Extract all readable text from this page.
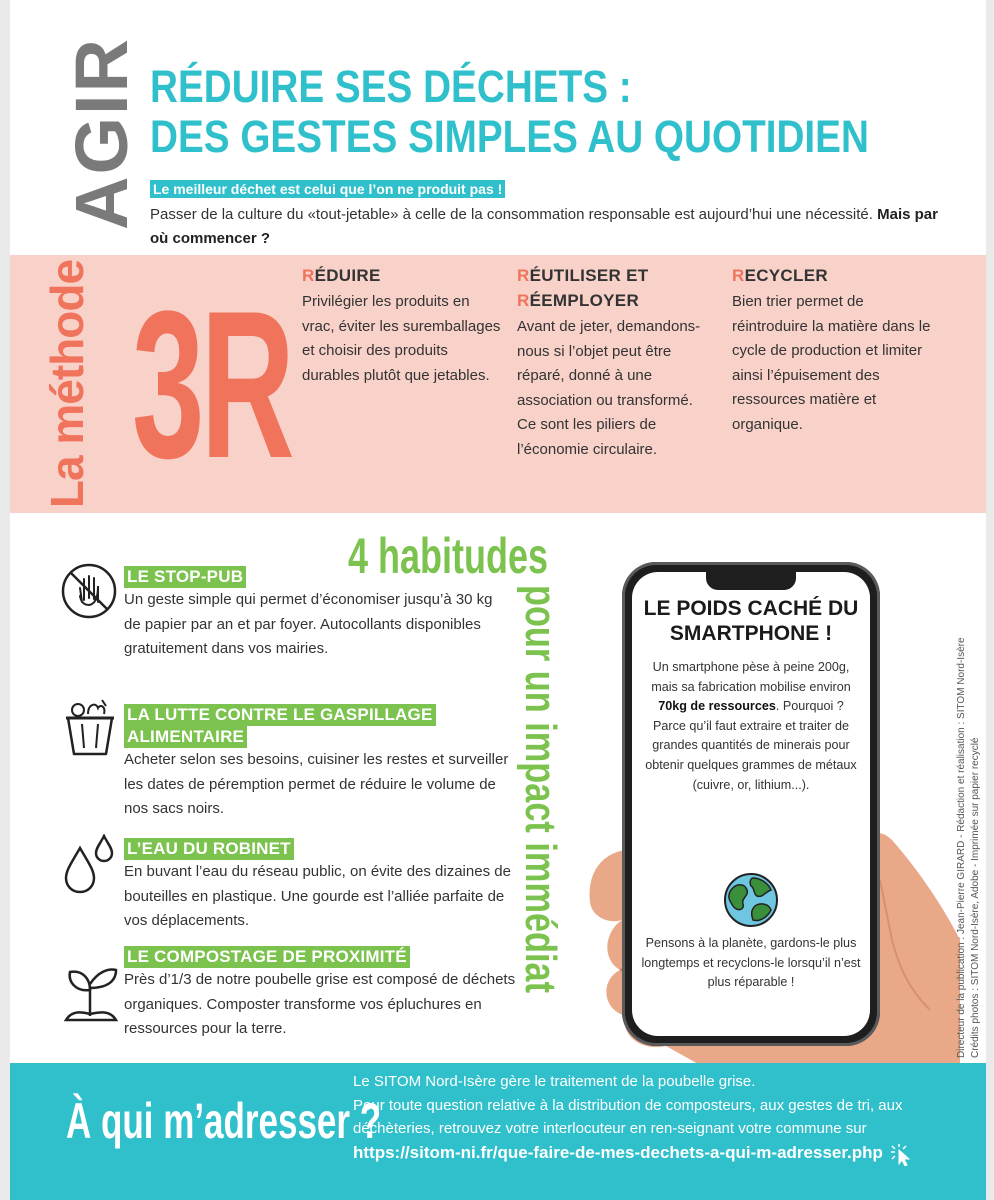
AGIR RÉDUIRE SES DÉCHETS :
DES GESTES SIMPLES AU QUOTIDIEN
Le meilleur déchet est celui que l’on ne produit pas !
Passer de la culture du «tout-jetable» à celle de la consommation responsable est aujourd’hui une nécessité. Mais par où commencer ?
La méthode 3R RÉDUIRE

Privilégier les produits en vrac, éviter les suremballages et choisir des produits durables plutôt que jetables.

RÉUTILISER ET
RÉEMPLOYER

Avant de jeter, demandons-nous si l’objet peut être réparé, donné à une association ou transformé. Ce sont les piliers de l’économie circulaire.

RECYCLER

Bien trier permet de réintroduire la matière dans le cycle de production et limiter ainsi l’épuisement des ressources matière et organique.

4 habitudes
pour un impact immédiat
LE STOP-PUB

Un geste simple qui permet d’économiser jusqu’à 30 kg de papier par an et par foyer. Autocollants disponibles gratuitement dans vos mairies.

LA LUTTE CONTRE LE GASPILLAGE
ALIMENTAIRE

Acheter selon ses besoins, cuisiner les restes et surveiller les dates de péremption permet de réduire le volume de nos sacs noirs.

L’EAU DU ROBINET

En buvant l’eau du réseau public, on évite des dizaines de bouteilles en plastique. Une gourde est l’alliée parfaite de vos déplacements.

LE COMPOSTAGE DE PROXIMITÉ

Près d’1/3 de notre poubelle grise est composé de déchets organiques. Composter transforme vos épluchures en ressources pour la terre.

LE POIDS CACHÉ DU SMARTPHONE !
Un smartphone pèse à peine 200g, mais sa fabrication mobilise environ 70kg de ressources. Pourquoi ? Parce qu’il faut extraire et traiter de grandes quantités de minerais pour obtenir quelques grammes de métaux (cuivre, or, lithium...).
Pensons à la planète, gardons-le plus longtemps et recyclons-le lorsqu’il n’est plus réparable !	Directeur de la publication : Jean-Pierre GIRARD - Rédaction et réalisation : SITOM Nord-Isère Crédits photos : SITOM Nord-Isère, Adobe - Imprimée sur papier recyclé
À qui m’adresser ?
Le SITOM Nord-Isère gère le traitement de la poubelle grise.
Pour toute question relative à la distribution de composteurs, aux gestes de tri, aux déchèteries, retrouvez votre interlocuteur en ren-seignant votre commune sur https://sitom-ni.fr/que-faire-de-mes-dechets-a-qui-m-adresser.php
